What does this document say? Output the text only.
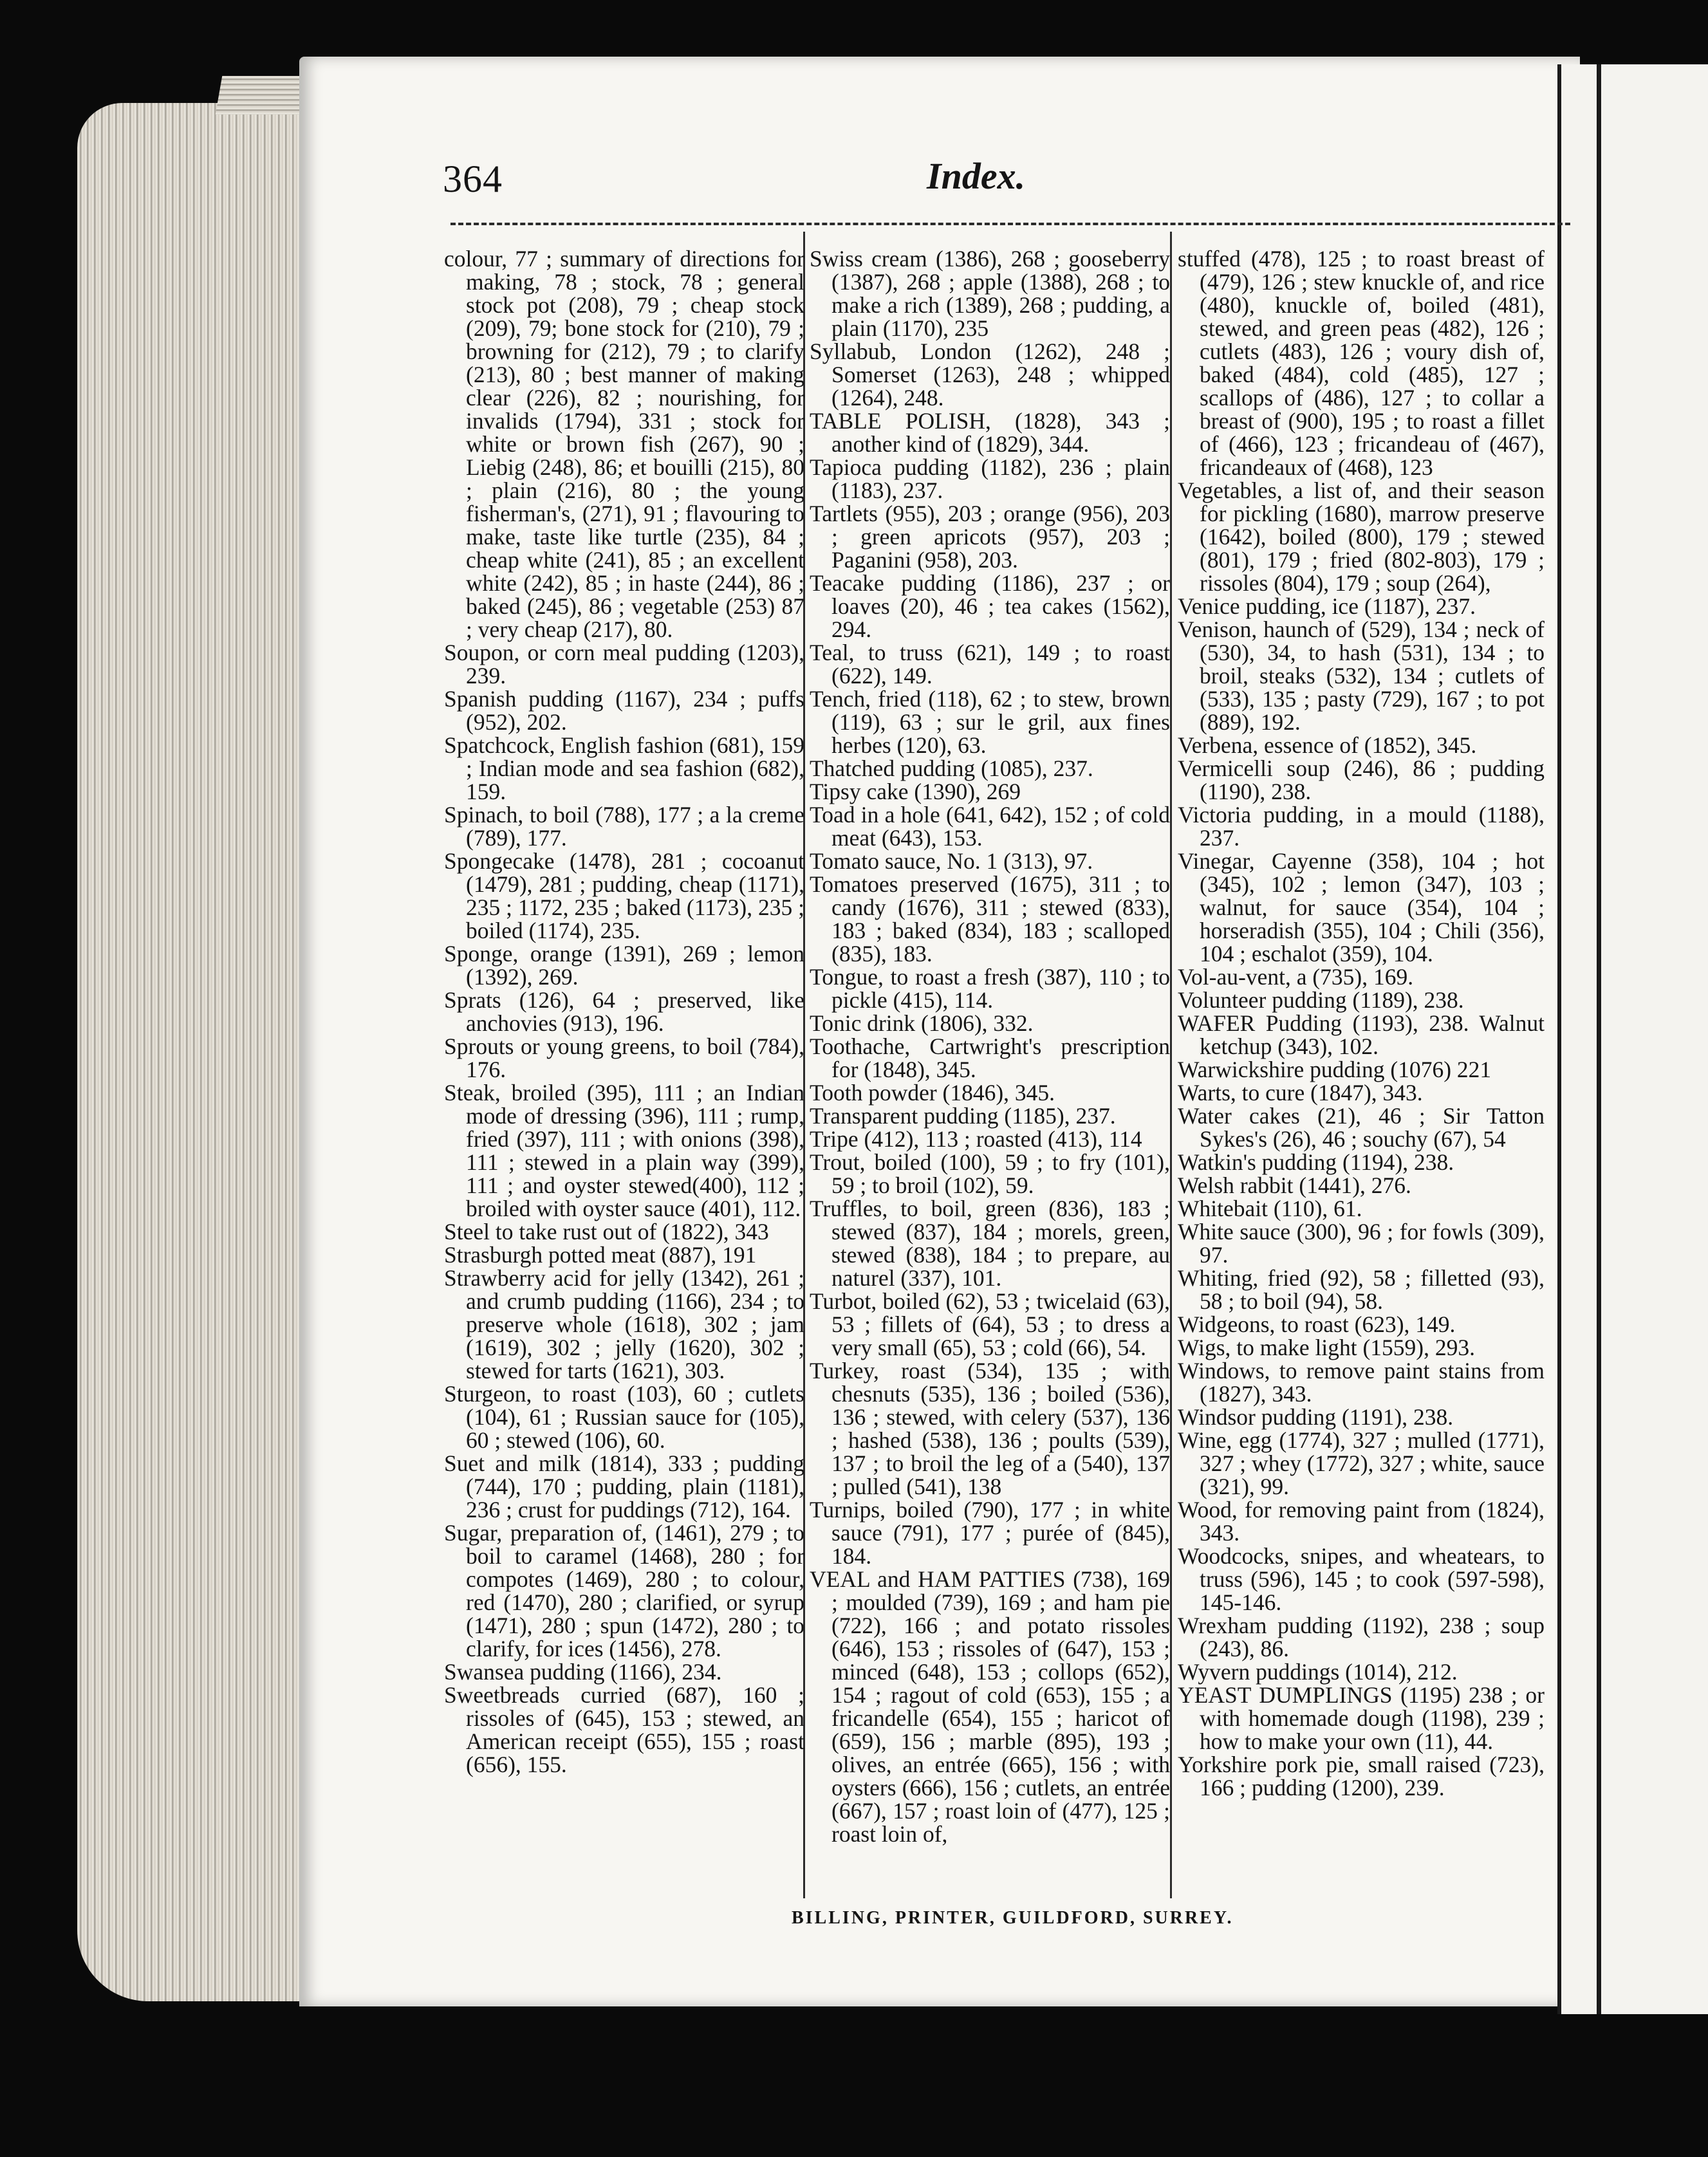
364	Index.

colour, 77 ; summary of directions for making, 78 ; stock, 78 ; general stock pot (208), 79 ; cheap stock (209), 79; bone stock for (210), 79 ; browning for (212), 79 ; to clarify (213), 80 ; best manner of making clear (226), 82 ; nourishing, for invalids (1794), 331 ; stock for white or brown fish (267), 90 ; Liebig (248), 86; et bouilli (215), 80 ; plain (216), 80 ; the young fisherman's, (271), 91 ; flavouring to make, taste like turtle (235), 84 ; cheap white (241), 85 ; an excellent white (242), 85 ; in haste (244), 86 ; baked (245), 86 ; vegetable (253) 87 ; very cheap (217), 80.

Soupon, or corn meal pudding (1203), 239.

Spanish pudding (1167), 234 ; puffs (952), 202.

Spatchcock, English fashion (681), 159 ; Indian mode and sea fashion (682), 159.

Spinach, to boil (788), 177 ; a la creme (789), 177.

Spongecake (1478), 281 ; cocoanut (1479), 281 ; pudding, cheap (1171), 235 ; 1172, 235 ; baked (1173), 235 ; boiled (1174), 235.

Sponge, orange (1391), 269 ; lemon (1392), 269.

Sprats (126), 64 ; preserved, like anchovies (913), 196.

Sprouts or young greens, to boil (784), 176.

Steak, broiled (395), 111 ; an Indian mode of dressing (396), 111 ; rump, fried (397), 111 ; with onions (398), 111 ; stewed in a plain way (399), 111 ; and oyster stewed(400), 112 ; broiled with oyster sauce (401), 112.

Steel to take rust out of (1822), 343

Strasburgh potted meat (887), 191

Strawberry acid for jelly (1342), 261 ; and crumb pudding (1166), 234 ; to preserve whole (1618), 302 ; jam (1619), 302 ; jelly (1620), 302 ; stewed for tarts (1621), 303.

Sturgeon, to roast (103), 60 ; cutlets (104), 61 ; Russian sauce for (105), 60 ; stewed (106), 60.

Suet and milk (1814), 333 ; pudding (744), 170 ; pudding, plain (1181), 236 ; crust for puddings (712), 164.

Sugar, preparation of, (1461), 279 ; to boil to caramel (1468), 280 ; for compotes (1469), 280 ; to colour, red (1470), 280 ; clarified, or syrup (1471), 280 ; spun (1472), 280 ; to clarify, for ices (1456), 278.

Swansea pudding (1166), 234.

Sweetbreads curried (687), 160 ; rissoles of (645), 153 ; stewed, an American receipt (655), 155 ; roast (656), 155.

Swiss cream (1386), 268 ; gooseberry (1387), 268 ; apple (1388), 268 ; to make a rich (1389), 268 ; pudding, a plain (1170), 235

Syllabub, London (1262), 248 ; Somerset (1263), 248 ; whipped (1264), 248.

TABLE POLISH, (1828), 343 ; another kind of (1829), 344.

Tapioca pudding (1182), 236 ; plain (1183), 237.

Tartlets (955), 203 ; orange (956), 203 ; green apricots (957), 203 ; Paganini (958), 203.

Teacake pudding (1186), 237 ; or loaves (20), 46 ; tea cakes (1562), 294.

Teal, to truss (621), 149 ; to roast (622), 149.

Tench, fried (118), 62 ; to stew, brown (119), 63 ; sur le gril, aux fines herbes (120), 63.

Thatched pudding (1085), 237.

Tipsy cake (1390), 269

Toad in a hole (641, 642), 152 ; of cold meat (643), 153.

Tomato sauce, No. 1 (313), 97.

Tomatoes preserved (1675), 311 ; to candy (1676), 311 ; stewed (833), 183 ; baked (834), 183 ; scalloped (835), 183.

Tongue, to roast a fresh (387), 110 ; to pickle (415), 114.

Tonic drink (1806), 332.

Toothache, Cartwright's prescription for (1848), 345.

Tooth powder (1846), 345.

Transparent pudding (1185), 237.

Tripe (412), 113 ; roasted (413), 114

Trout, boiled (100), 59 ; to fry (101), 59 ; to broil (102), 59.

Truffles, to boil, green (836), 183 ; stewed (837), 184 ; morels, green, stewed (838), 184 ; to prepare, au naturel (337), 101.

Turbot, boiled (62), 53 ; twicelaid (63), 53 ; fillets of (64), 53 ; to dress a very small (65), 53 ; cold (66), 54.

Turkey, roast (534), 135 ; with chesnuts (535), 136 ; boiled (536), 136 ; stewed, with celery (537), 136 ; hashed (538), 136 ; poults (539), 137 ; to broil the leg of a (540), 137 ; pulled (541), 138

Turnips, boiled (790), 177 ; in white sauce (791), 177 ; purée of (845), 184.

VEAL and HAM PATTIES (738), 169 ; moulded (739), 169 ; and ham pie (722), 166 ; and potato rissoles (646), 153 ; rissoles of (647), 153 ; minced (648), 153 ; collops (652), 154 ; ragout of cold (653), 155 ; a fricandelle (654), 155 ; haricot of (659), 156 ; marble (895), 193 ; olives, an entrée (665), 156 ; with oysters (666), 156 ; cutlets, an entrée (667), 157 ; roast loin of (477), 125 ; roast loin of,

stuffed (478), 125 ; to roast breast of (479), 126 ; stew knuckle of, and rice (480), knuckle of, boiled (481), stewed, and green peas (482), 126 ; cutlets (483), 126 ; voury dish of, baked (484), cold (485), 127 ; scallops of (486), 127 ; to collar a breast of (900), 195 ; to roast a fillet of (466), 123 ; fricandeau of (467), fricandeaux of (468), 123

Vegetables, a list of, and their season for pickling (1680), marrow preserve (1642), boiled (800), 179 ; stewed (801), 179 ; fried (802-803), 179 ; rissoles (804), 179 ; soup (264),

Venice pudding, ice (1187), 237.

Venison, haunch of (529), 134 ; neck of (530), 34, to hash (531), 134 ; to broil, steaks (532), 134 ; cutlets of (533), 135 ; pasty (729), 167 ; to pot (889), 192.

Verbena, essence of (1852), 345.

Vermicelli soup (246), 86 ; pudding (1190), 238.

Victoria pudding, in a mould (1188), 237.

Vinegar, Cayenne (358), 104 ; hot (345), 102 ; lemon (347), 103 ; walnut, for sauce (354), 104 ; horseradish (355), 104 ; Chili (356), 104 ; eschalot (359), 104.

Vol-au-vent, a (735), 169.

Volunteer pudding (1189), 238.

WAFER Pudding (1193), 238. Walnut ketchup (343), 102.

Warwickshire pudding (1076) 221

Warts, to cure (1847), 343.

Water cakes (21), 46 ; Sir Tatton Sykes's (26), 46 ; souchy (67), 54

Watkin's pudding (1194), 238.

Welsh rabbit (1441), 276.

Whitebait (110), 61.

White sauce (300), 96 ; for fowls (309), 97.

Whiting, fried (92), 58 ; filletted (93), 58 ; to boil (94), 58.

Widgeons, to roast (623), 149.

Wigs, to make light (1559), 293.

Windows, to remove paint stains from (1827), 343.

Windsor pudding (1191), 238.

Wine, egg (1774), 327 ; mulled (1771), 327 ; whey (1772), 327 ; white, sauce (321), 99.

Wood, for removing paint from (1824), 343.

Woodcocks, snipes, and wheatears, to truss (596), 145 ; to cook (597-598), 145-146.

Wrexham pudding (1192), 238 ; soup (243), 86.

Wyvern puddings (1014), 212.

YEAST DUMPLINGS (1195) 238 ; or with homemade dough (1198), 239 ; how to make your own (11), 44.

Yorkshire pork pie, small raised (723), 166 ; pudding (1200), 239.

BILLING, PRINTER, GUILDFORD, SURREY.
